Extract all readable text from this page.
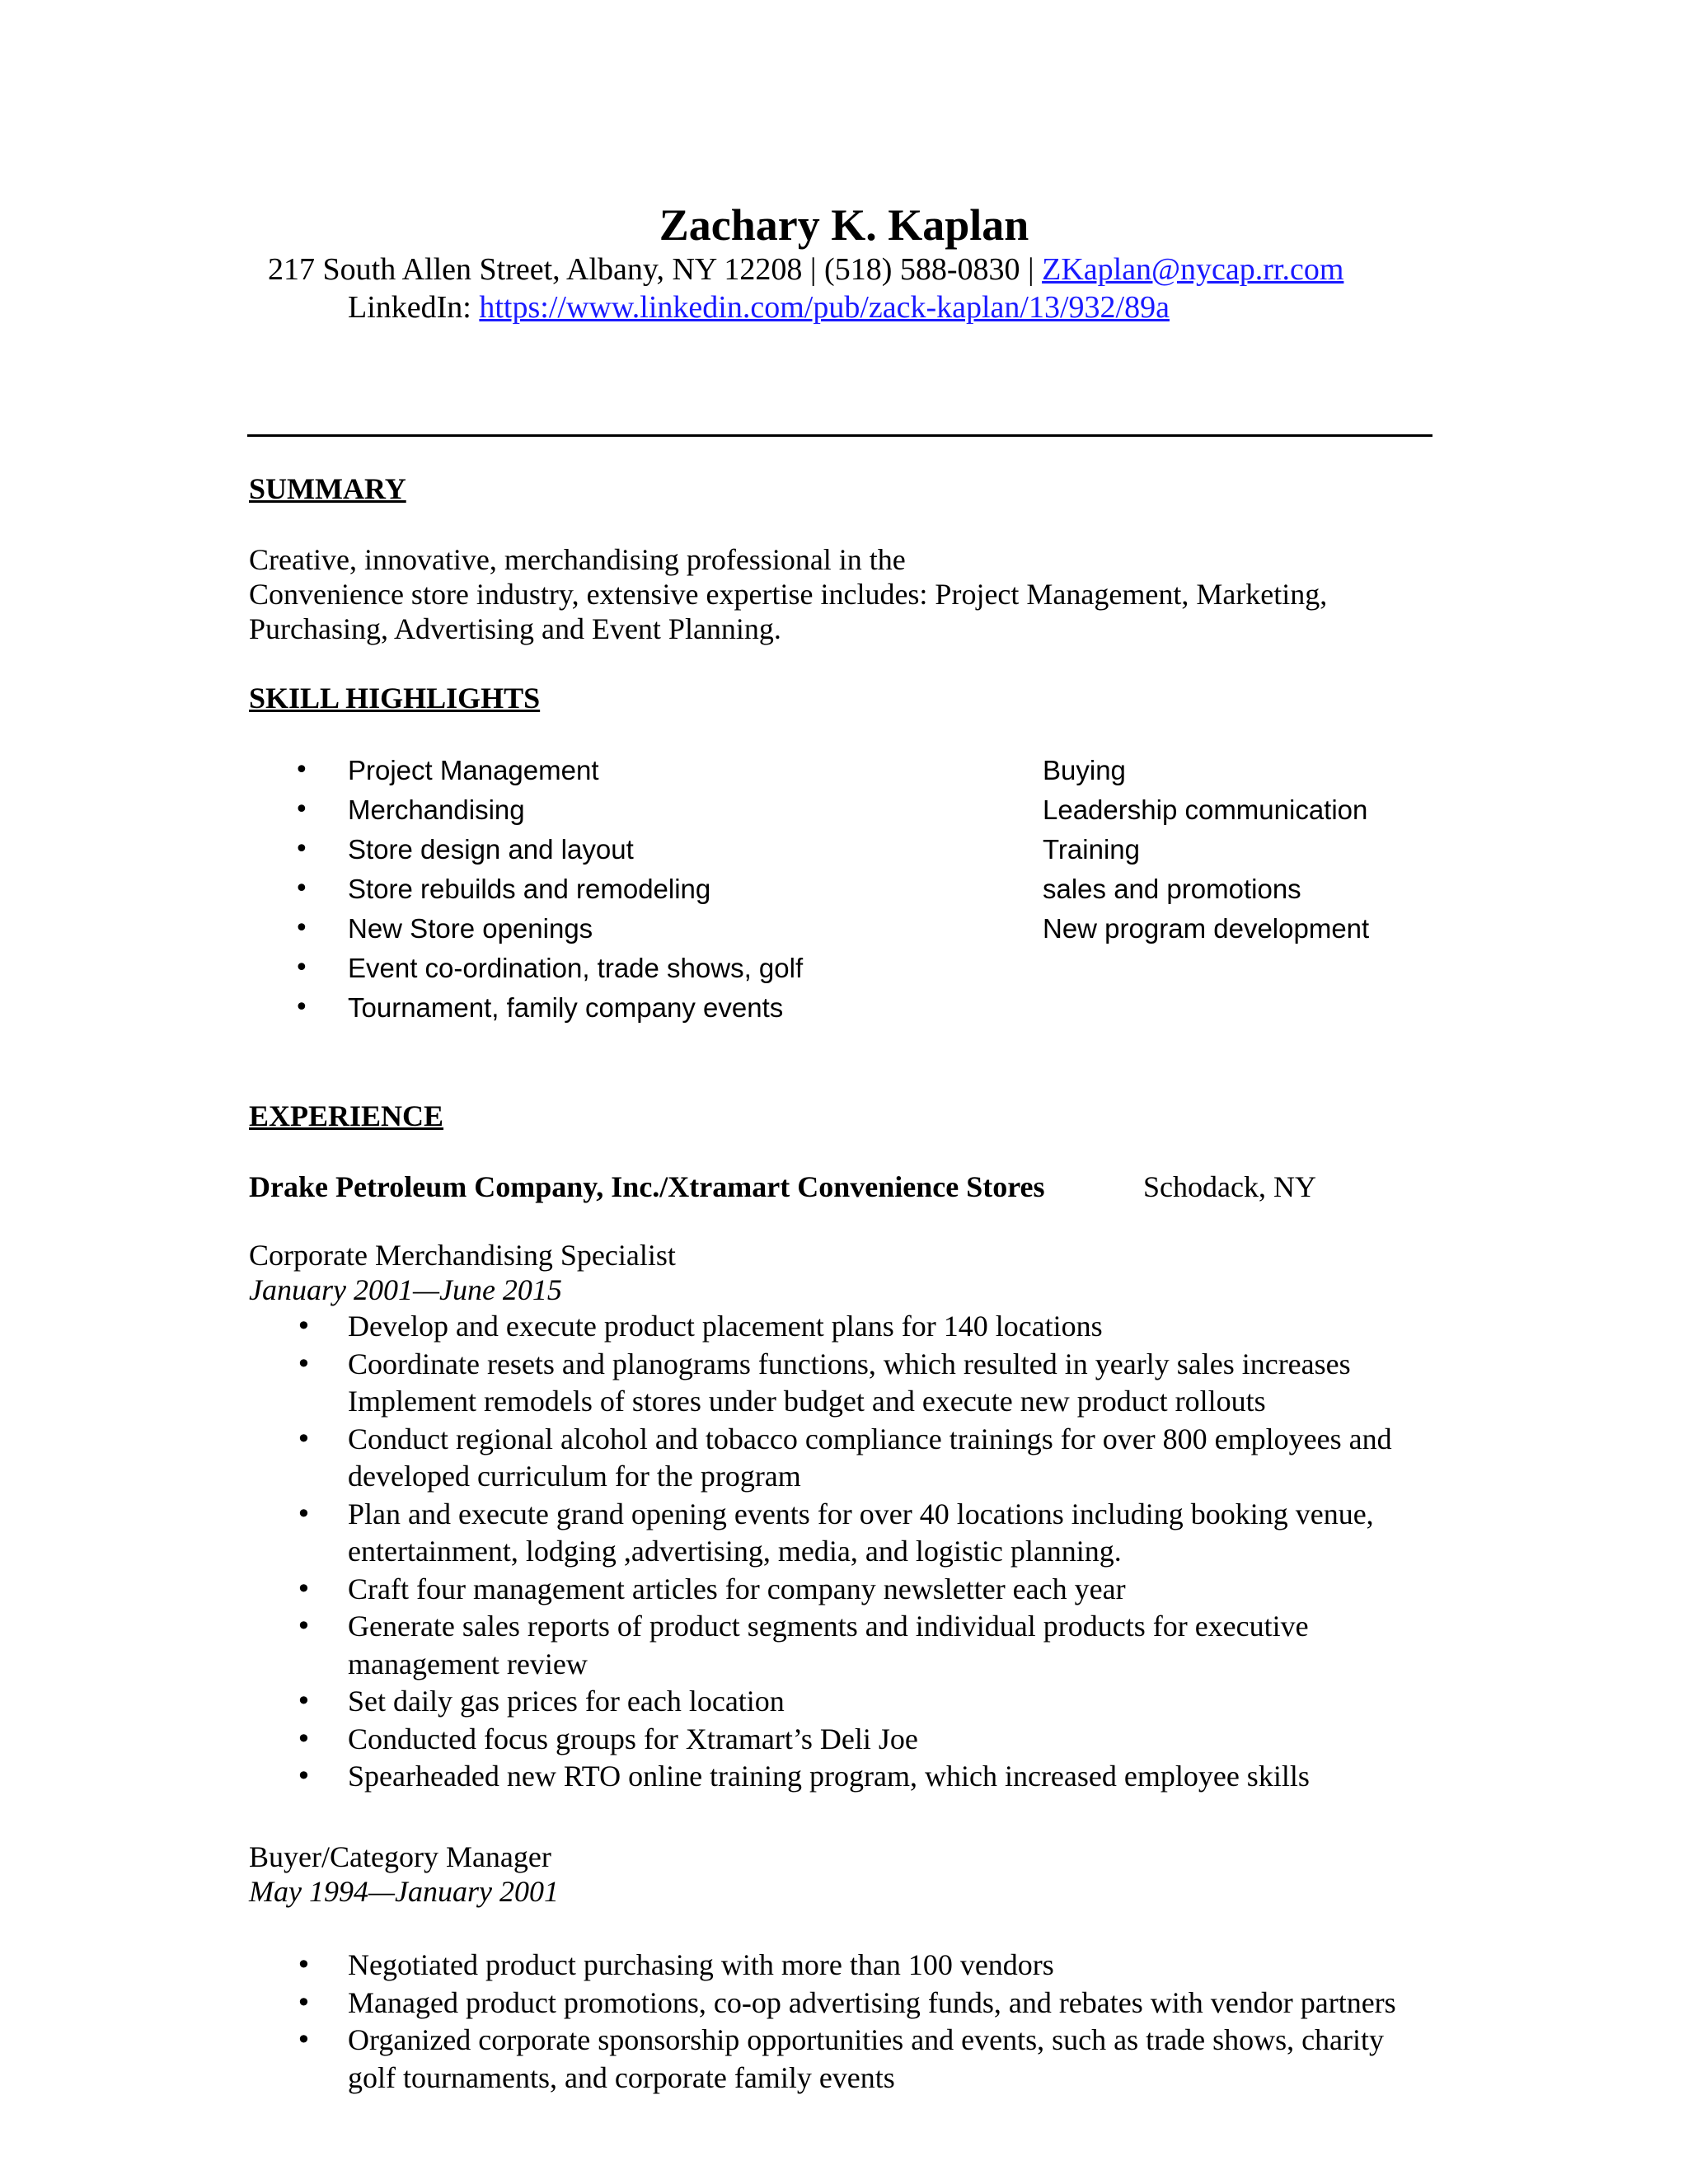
Zachary K. Kaplan
217 South Allen Street, Albany, NY 12208 | (518) 588-0830 | ZKaplan@nycap.rr.com
LinkedIn: https://www.linkedin.com/pub/zack-kaplan/13/932/89a
SUMMARY
Creative, innovative, merchandising professional in the
Convenience store industry, extensive expertise includes: Project Management, Marketing,
Purchasing, Advertising and Event Planning.
SKILL HIGHLIGHTS
• Project Management
• Merchandising
• Store design and layout
• Store rebuilds and remodeling
• New Store openings
• Event co-ordination, trade shows, golf
• Tournament, family company events
Buying
Leadership communication
Training
sales and promotions
New program development
EXPERIENCE
Drake Petroleum Company, Inc./Xtramart Convenience Stores	Schodack, NY
Corporate Merchandising Specialist
January 2001—June 2015
• Develop and execute product placement plans for 140 locations
• Coordinate resets and planograms functions, which resulted in yearly sales increases
Implement remodels of stores under budget and execute new product rollouts
• Conduct regional alcohol and tobacco compliance trainings for over 800 employees and
developed curriculum for the program
• Plan and execute grand opening events for over 40 locations including booking venue,
entertainment, lodging ,advertising, media, and logistic planning.
• Craft four management articles for company newsletter each year
• Generate sales reports of product segments and individual products for executive
management review
• Set daily gas prices for each location
• Conducted focus groups for Xtramart’s Deli Joe
• Spearheaded new RTO online training program, which increased employee skills
Buyer/Category Manager
May 1994—January 2001
• Negotiated product purchasing with more than 100 vendors
• Managed product promotions, co-op advertising funds, and rebates with vendor partners
• Organized corporate sponsorship opportunities and events, such as trade shows, charity
golf tournaments, and corporate family events
